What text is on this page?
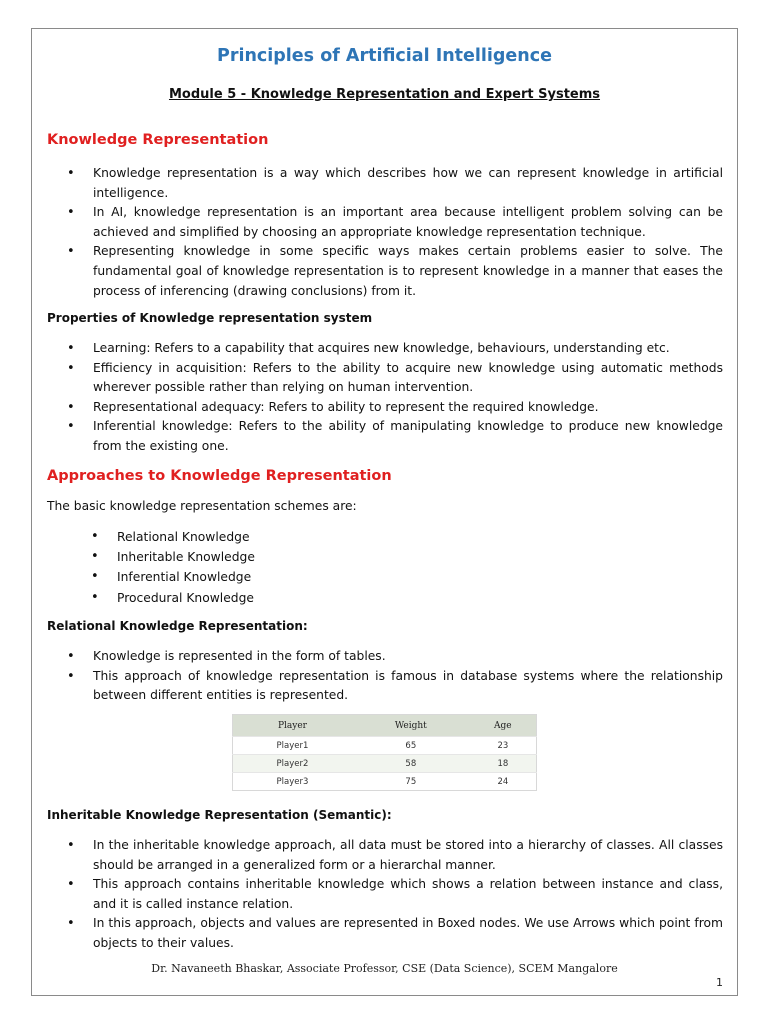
Principles of Artificial Intelligence
Module 5 - Knowledge Representation and Expert Systems
Knowledge Representation
• Knowledge representation is a way which describes how we can represent knowledge in artificial intelligence.
• In AI, knowledge representation is an important area because intelligent problem solving can be achieved and simplified by choosing an appropriate knowledge representation technique.
• Representing knowledge in some specific ways makes certain problems easier to solve. The fundamental goal of knowledge representation is to represent knowledge in a manner that eases the process of inferencing (drawing conclusions) from it.
Properties of Knowledge representation system
• Learning: Refers to a capability that acquires new knowledge, behaviours, understanding etc.
• Efficiency in acquisition: Refers to the ability to acquire new knowledge using automatic methods wherever possible rather than relying on human intervention.
• Representational adequacy: Refers to ability to represent the required knowledge.
• Inferential knowledge: Refers to the ability of manipulating knowledge to produce new knowledge from the existing one.
Approaches to Knowledge Representation
The basic knowledge representation schemes are:
• Relational Knowledge
• Inheritable Knowledge
• Inferential Knowledge
• Procedural Knowledge
Relational Knowledge Representation:
• Knowledge is represented in the form of tables.
• This approach of knowledge representation is famous in database systems where the relationship between different entities is represented.
Player	Weight	Age
Player1	65	23
Player2	58	18
Player3	75	24
Inheritable Knowledge Representation (Semantic):
• In the inheritable knowledge approach, all data must be stored into a hierarchy of classes. All classes should be arranged in a generalized form or a hierarchal manner.
• This approach contains inheritable knowledge which shows a relation between instance and class, and it is called instance relation.
• In this approach, objects and values are represented in Boxed nodes. We use Arrows which point from objects to their values.
Dr. Navaneeth Bhaskar, Associate Professor, CSE (Data Science), SCEM Mangalore
1
